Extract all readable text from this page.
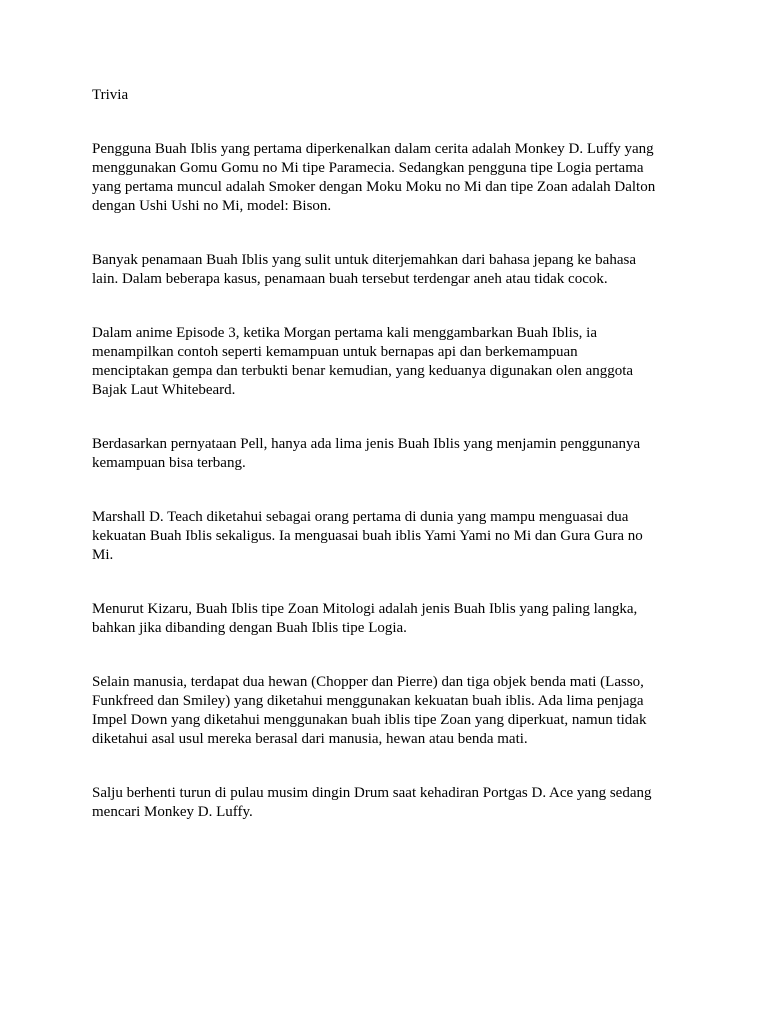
Trivia

Pengguna Buah Iblis yang pertama diperkenalkan dalam cerita adalah Monkey D. Luffy yang
menggunakan Gomu Gomu no Mi tipe Paramecia. Sedangkan pengguna tipe Logia pertama
yang pertama muncul adalah Smoker dengan Moku Moku no Mi dan tipe Zoan adalah Dalton
dengan Ushi Ushi no Mi, model: Bison.

Banyak penamaan Buah Iblis yang sulit untuk diterjemahkan dari bahasa jepang ke bahasa
lain. Dalam beberapa kasus, penamaan buah tersebut terdengar aneh atau tidak cocok.

Dalam anime Episode 3, ketika Morgan pertama kali menggambarkan Buah Iblis, ia
menampilkan contoh seperti kemampuan untuk bernapas api dan berkemampuan
menciptakan gempa dan terbukti benar kemudian, yang keduanya digunakan olen anggota
Bajak Laut Whitebeard.

Berdasarkan pernyataan Pell, hanya ada lima jenis Buah Iblis yang menjamin penggunanya
kemampuan bisa terbang.

Marshall D. Teach diketahui sebagai orang pertama di dunia yang mampu menguasai dua
kekuatan Buah Iblis sekaligus. Ia menguasai buah iblis Yami Yami no Mi dan Gura Gura no
Mi.

Menurut Kizaru, Buah Iblis tipe Zoan Mitologi adalah jenis Buah Iblis yang paling langka,
bahkan jika dibanding dengan Buah Iblis tipe Logia.

Selain manusia, terdapat dua hewan (Chopper dan Pierre) dan tiga objek benda mati (Lasso,
Funkfreed dan Smiley) yang diketahui menggunakan kekuatan buah iblis. Ada lima penjaga
Impel Down yang diketahui menggunakan buah iblis tipe Zoan yang diperkuat, namun tidak
diketahui asal usul mereka berasal dari manusia, hewan atau benda mati.

Salju berhenti turun di pulau musim dingin Drum saat kehadiran Portgas D. Ace yang sedang
mencari Monkey D. Luffy.
